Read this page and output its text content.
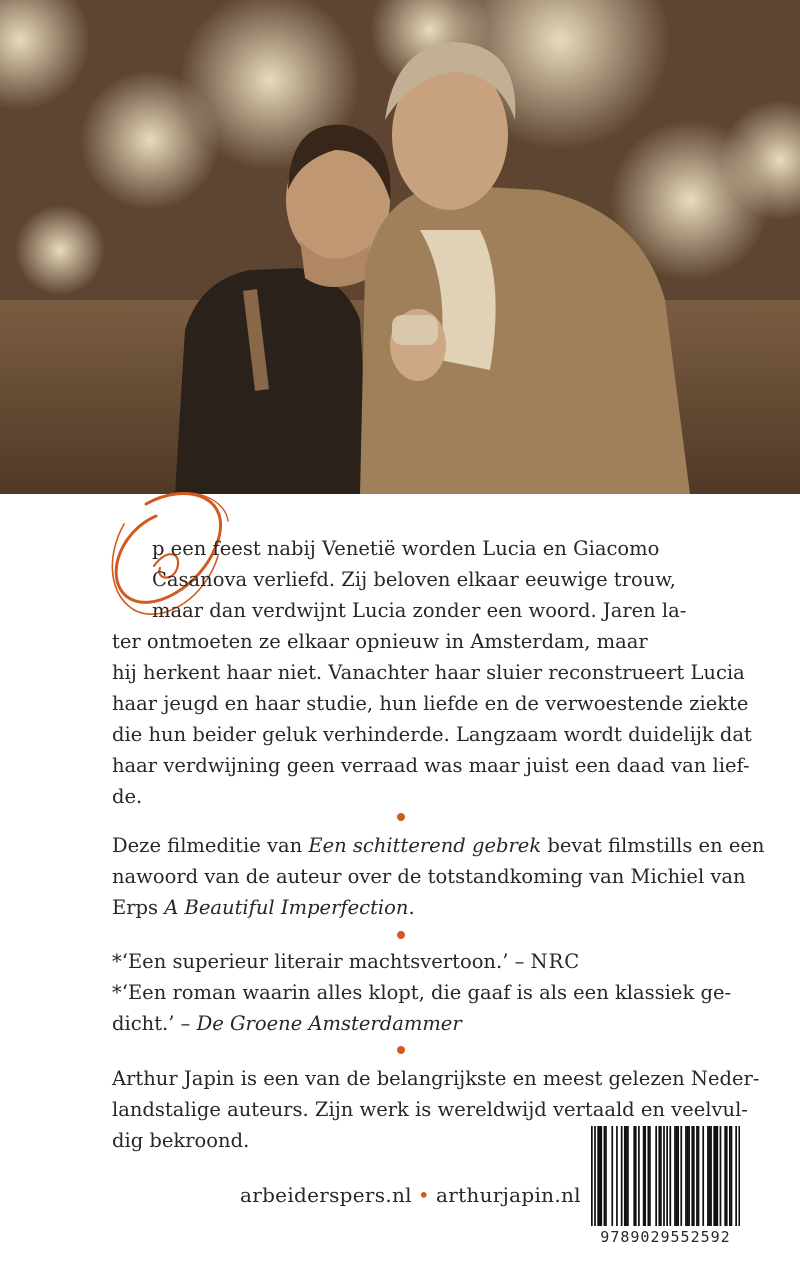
O
p een feest nabij Venetië worden Lucia en Giacomo
Casanova verliefd. Zij beloven elkaar eeuwige trouw,
maar dan verdwijnt Lucia zonder een woord. Jaren la-
ter ontmoeten ze elkaar opnieuw in Amsterdam, maar
hij herkent haar niet. Vanachter haar sluier reconstrueert Lucia
haar jeugd en haar studie, hun liefde en de verwoestende ziekte
die hun beider geluk verhinderde. Langzaam wordt duidelijk dat
haar verdwijning geen verraad was maar juist een daad van lief-
de.
Deze filmeditie van Een schitterend gebrek bevat filmstills en een
nawoord van de auteur over de totstandkoming van Michiel van
Erps A Beautiful Imperfection.
*‘Een superieur literair machtsvertoon.’ – NRC
*‘Een roman waarin alles klopt, die gaaf is als een klassiek ge-
dicht.’ – De Groene Amsterdammer
Arthur Japin is een van de belangrijkste en meest gelezen Neder-
landstalige auteurs. Zijn werk is wereldwijd vertaald en veelvul-
dig bekroond.
arbeiderspers.nl • arthurjapin.nl
9789029552592
